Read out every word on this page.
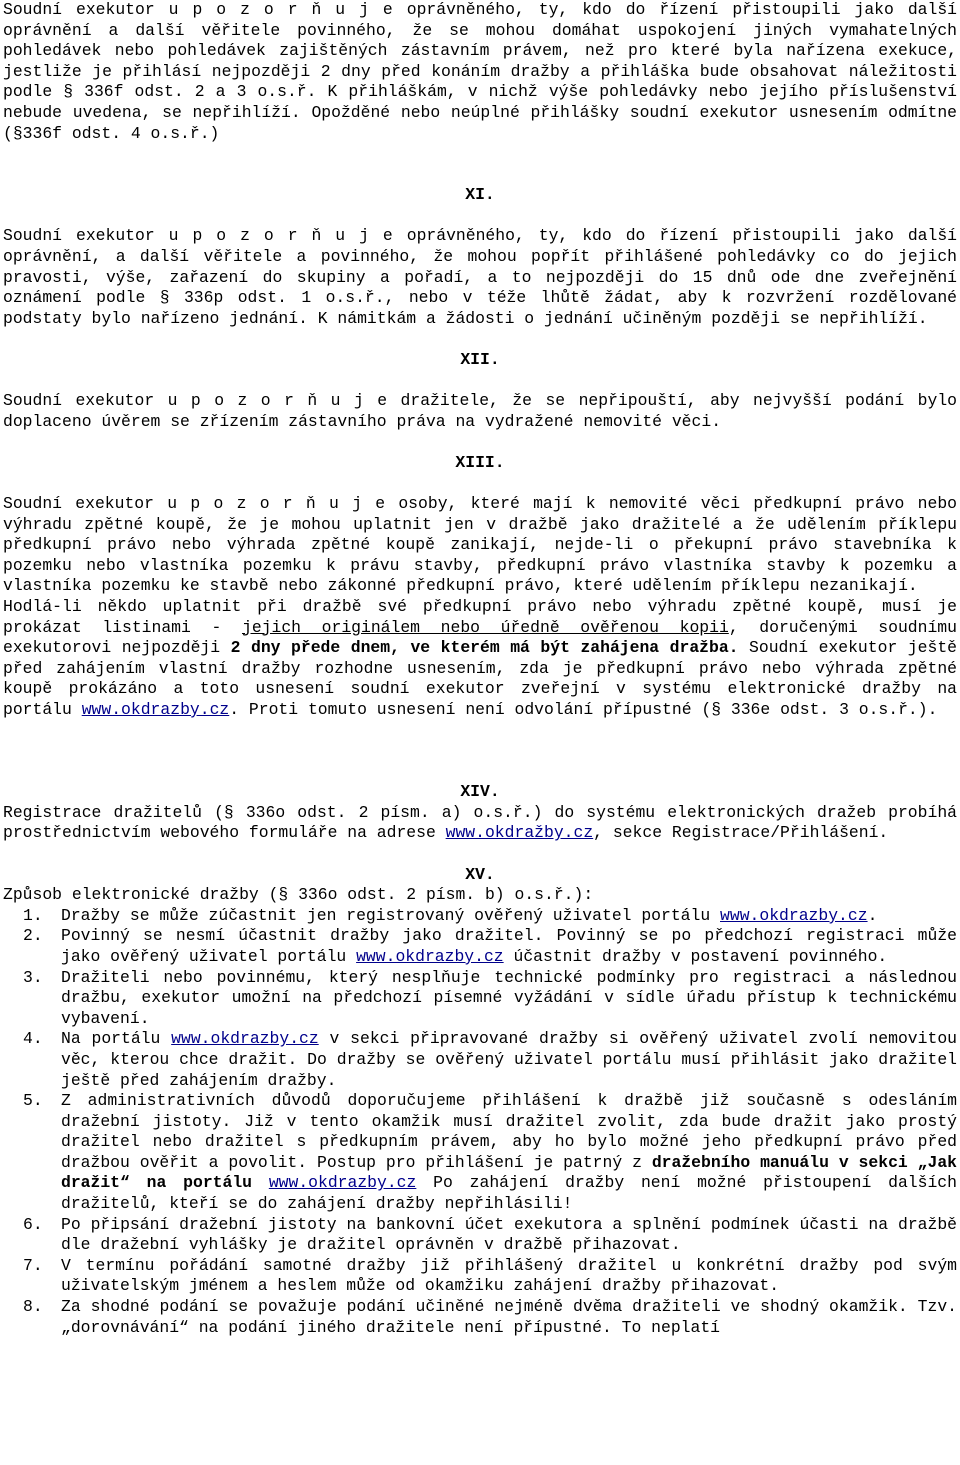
Soudní exekutor u p o z o r ň u j e oprávněného, ty, kdo do řízení přistoupili jako další oprávnění a další věřitele povinného, že se mohou domáhat uspokojení jiných vymahatelných pohledávek nebo pohledávek zajištěných zástavním právem, než pro které byla nařízena exekuce, jestliže je přihlásí nejpozději 2 dny před konáním dražby a přihláška bude obsahovat náležitosti podle § 336f odst. 2 a 3 o.s.ř. K přihláškám, v nichž výše pohledávky nebo jejího příslušenství nebude uvedena, se nepřihlíží. Opožděné nebo neúplné přihlášky soudní exekutor usnesením odmítne (§336f odst. 4 o.s.ř.)

XI.

Soudní exekutor u p o z o r ň u j e oprávněného, ty, kdo do řízení přistoupili jako další oprávnění, a další věřitele a povinného, že mohou popřít přihlášené pohledávky co do jejich pravosti, výše, zařazení do skupiny a pořadí, a to nejpozději do 15 dnů ode dne zveřejnění oznámení podle § 336p odst. 1 o.s.ř., nebo v téže lhůtě žádat, aby k rozvržení rozdělované podstaty bylo nařízeno jednání. K námitkám a žádosti o jednání učiněným později se nepřihlíží.

XII.

Soudní exekutor u p o z o r ň u j e dražitele, že se nepřipouští, aby nejvyšší podání bylo doplaceno úvěrem se zřízením zástavního práva na vydražené nemovité věci.

XIII.

Soudní exekutor u p o z o r ň u j e osoby, které mají k nemovité věci předkupní právo nebo výhradu zpětné koupě, že je mohou uplatnit jen v dražbě jako dražitelé a že udělením příklepu předkupní právo nebo výhrada zpětné koupě zanikají, nejde-li o překupní právo stavebníka k pozemku nebo vlastníka pozemku k právu stavby, předkupní právo vlastníka stavby k pozemku a vlastníka pozemku ke stavbě nebo zákonné předkupní právo, které udělením příklepu nezanikají.

Hodlá-li někdo uplatnit při dražbě své předkupní právo nebo výhradu zpětné koupě, musí je prokázat listinami - jejich originálem nebo úředně ověřenou kopii, doručenými soudnímu exekutorovi nejpozději 2 dny přede dnem, ve kterém má být zahájena dražba. Soudní exekutor ještě před zahájením vlastní dražby rozhodne usnesením, zda je předkupní právo nebo výhrada zpětné koupě prokázáno a toto usnesení soudní exekutor zveřejní v systému elektronické dražby na portálu www.okdrazby.cz. Proti tomuto usnesení není odvolání přípustné (§ 336e odst. 3 o.s.ř.).

XIV.

Registrace dražitelů (§ 336o odst. 2 písm. a) o.s.ř.) do systému elektronických dražeb probíhá prostřednictvím webového formuláře na adrese www.okdražby.cz, sekce Registrace/Přihlášení.

XV.

Způsob elektronické dražby (§ 336o odst. 2 písm. b) o.s.ř.):

1. Dražby se může zúčastnit jen registrovaný ověřený uživatel portálu www.okdrazby.cz.
2. Povinný se nesmí účastnit dražby jako dražitel. Povinný se po předchozí registraci může jako ověřený uživatel portálu www.okdrazby.cz účastnit dražby v postavení povinného.
3. Dražiteli nebo povinnému, který nesplňuje technické podmínky pro registraci a následnou dražbu, exekutor umožní na předchozí písemné vyžádání v sídle úřadu přístup k technickému vybavení.
4. Na portálu www.okdrazby.cz v sekci připravované dražby si ověřený uživatel zvolí nemovitou věc, kterou chce dražit. Do dražby se ověřený uživatel portálu musí přihlásit jako dražitel ještě před zahájením dražby.
5. Z administrativních důvodů doporučujeme přihlášení k dražbě již současně s odesláním dražební jistoty. Již v tento okamžik musí dražitel zvolit, zda bude dražit jako prostý dražitel nebo dražitel s předkupním právem, aby ho bylo možné jeho předkupní právo před dražbou ověřit a povolit. Postup pro přihlášení je patrný z dražebního manuálu v sekci „Jak dražit“ na portálu www.okdrazby.cz Po zahájení dražby není možné přistoupení dalších dražitelů, kteří se do zahájení dražby nepřihlásili!
6. Po připsání dražební jistoty na bankovní účet exekutora a splnění podmínek účasti na dražbě dle dražební vyhlášky je dražitel oprávněn v dražbě přihazovat.
7. V termínu pořádání samotné dražby již přihlášený dražitel u konkrétní dražby pod svým uživatelským jménem a heslem může od okamžiku zahájení dražby přihazovat.
8. Za shodné podání se považuje podání učiněné nejméně dvěma dražiteli ve shodný okamžik. Tzv. „dorovnávání“ na podání jiného dražitele není přípustné. To neplatí
